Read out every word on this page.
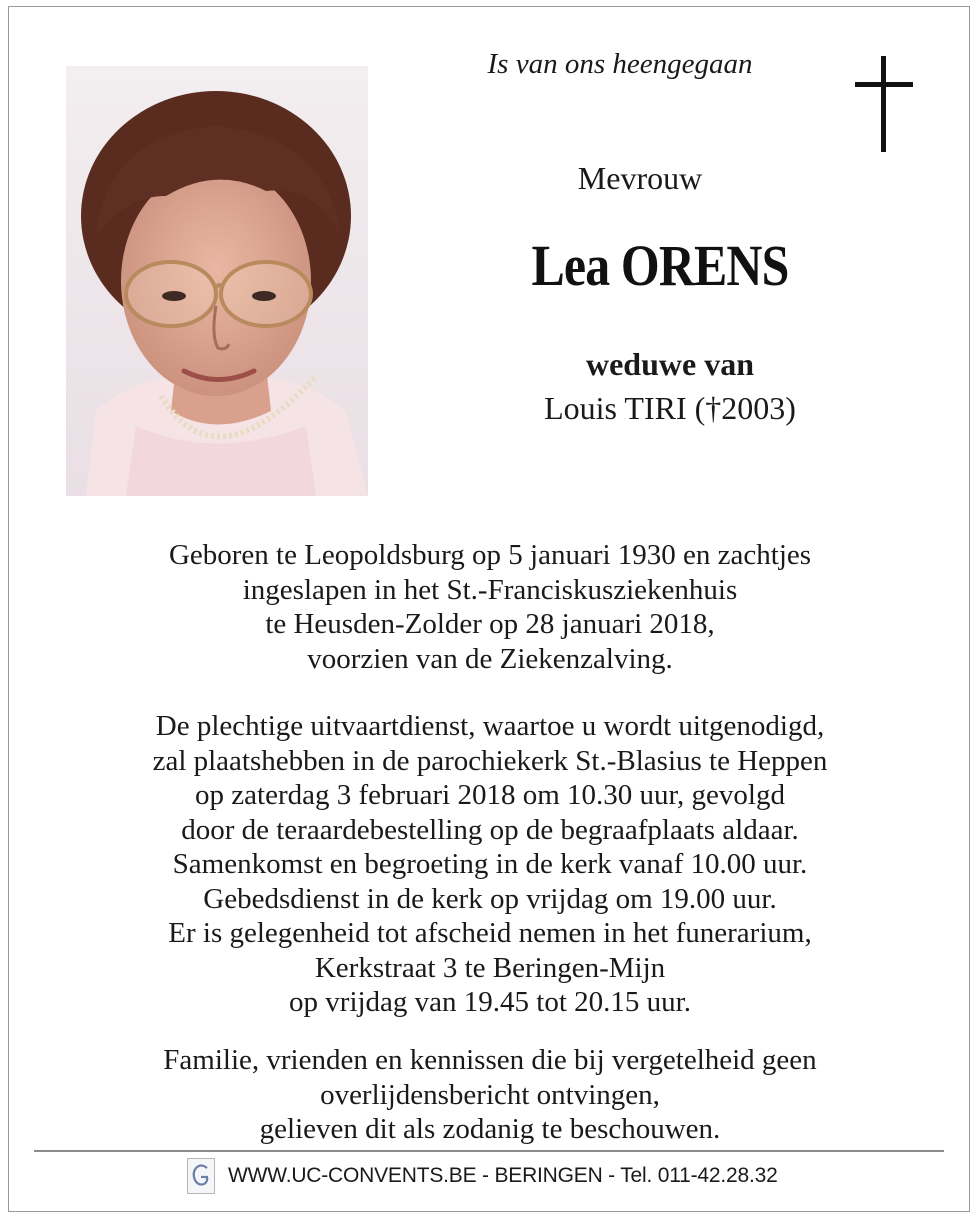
Is van ons heengegaan
Mevrouw
Lea ORENS
weduwe van
Louis TIRI (†2003)
Geboren te Leopoldsburg op 5 januari 1930 en zachtjes
ingeslapen in het St.-Franciskusziekenhuis
te Heusden-Zolder op 28 januari 2018,
voorzien van de Ziekenzalving.
De plechtige uitvaartdienst, waartoe u wordt uitgenodigd,
zal plaatshebben in de parochiekerk St.-Blasius te Heppen
op zaterdag 3 februari 2018 om 10.30 uur, gevolgd
door de teraardebestelling op de begraafplaats aldaar.
Samenkomst en begroeting in de kerk vanaf 10.00 uur.
Gebedsdienst in de kerk op vrijdag om 19.00 uur.
Er is gelegenheid tot afscheid nemen in het funerarium,
Kerkstraat 3 te Beringen-Mijn
op vrijdag van 19.45 tot 20.15 uur.
Familie, vrienden en kennissen die bij vergetelheid geen
overlijdensbericht ontvingen,
gelieven dit als zodanig te beschouwen.
WWW.UC-CONVENTS.BE - BERINGEN - Tel. 011-42.28.32
